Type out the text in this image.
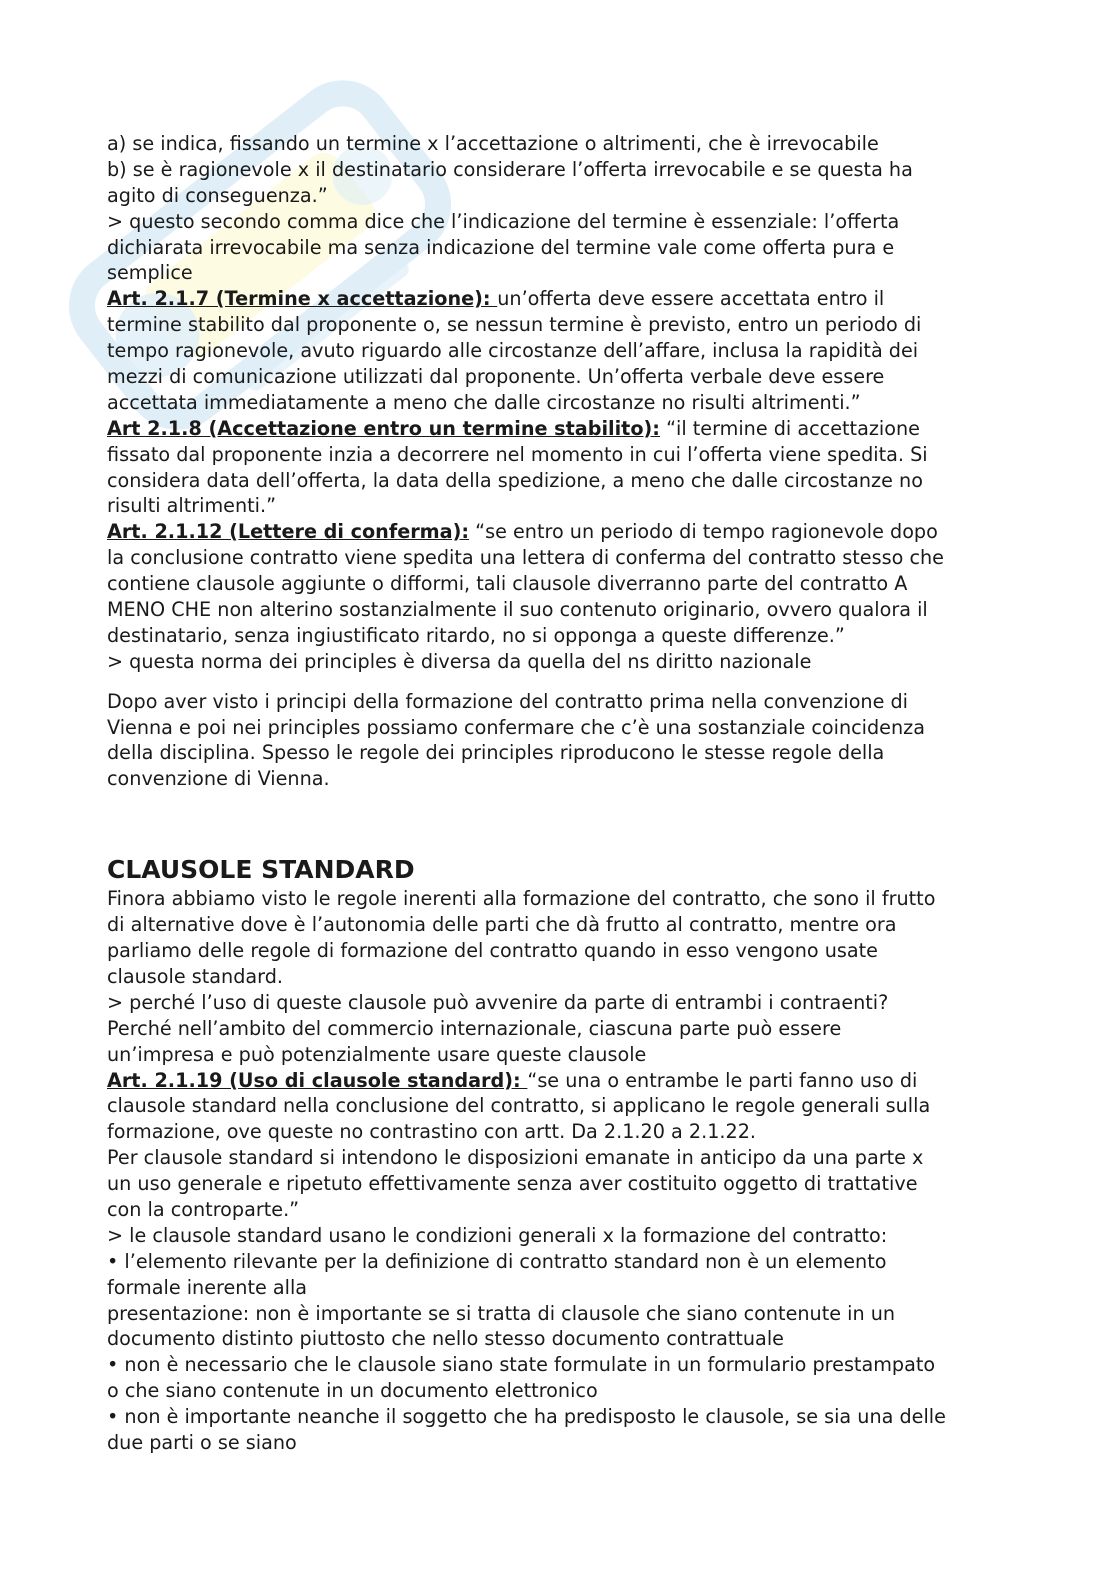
a) se indica, fissando un termine x l’accettazione o altrimenti, che è irrevocabile
b) se è ragionevole x il destinatario considerare l’offerta irrevocabile e se questa ha
agito di conseguenza.”
> questo secondo comma dice che l’indicazione del termine è essenziale: l’offerta
dichiarata irrevocabile ma senza indicazione del termine vale come offerta pura e
semplice
Art. 2.1.7 (Termine x accettazione): un’offerta deve essere accettata entro il
termine stabilito dal proponente o, se nessun termine è previsto, entro un periodo di
tempo ragionevole, avuto riguardo alle circostanze dell’affare, inclusa la rapidità dei
mezzi di comunicazione utilizzati dal proponente. Un’offerta verbale deve essere
accettata immediatamente a meno che dalle circostanze no risulti altrimenti.”
Art 2.1.8 (Accettazione entro un termine stabilito): “il termine di accettazione
fissato dal proponente inzia a decorrere nel momento in cui l’offerta viene spedita. Si
considera data dell’offerta, la data della spedizione, a meno che dalle circostanze no
risulti altrimenti.”
Art. 2.1.12 (Lettere di conferma): “se entro un periodo di tempo ragionevole dopo
la conclusione contratto viene spedita una lettera di conferma del contratto stesso che
contiene clausole aggiunte o difformi, tali clausole diverranno parte del contratto A
MENO CHE non alterino sostanzialmente il suo contenuto originario, ovvero qualora il
destinatario, senza ingiustificato ritardo, no si opponga a queste differenze.”
> questa norma dei principles è diversa da quella del ns diritto nazionale
Dopo aver visto i principi della formazione del contratto prima nella convenzione di
Vienna e poi nei principles possiamo confermare che c’è una sostanziale coincidenza
della disciplina. Spesso le regole dei principles riproducono le stesse regole della
convenzione di Vienna.
CLAUSOLE STANDARD
Finora abbiamo visto le regole inerenti alla formazione del contratto, che sono il frutto
di alternative dove è l’autonomia delle parti che dà frutto al contratto, mentre ora
parliamo delle regole di formazione del contratto quando in esso vengono usate
clausole standard.
> perché l’uso di queste clausole può avvenire da parte di entrambi i contraenti?
Perché nell’ambito del commercio internazionale, ciascuna parte può essere
un’impresa e può potenzialmente usare queste clausole
Art. 2.1.19 (Uso di clausole standard): “se una o entrambe le parti fanno uso di
clausole standard nella conclusione del contratto, si applicano le regole generali sulla
formazione, ove queste no contrastino con artt. Da 2.1.20 a 2.1.22.
Per clausole standard si intendono le disposizioni emanate in anticipo da una parte x
un uso generale e ripetuto effettivamente senza aver costituito oggetto di trattative
con la controparte.”
> le clausole standard usano le condizioni generali x la formazione del contratto:
• l’elemento rilevante per la definizione di contratto standard non è un elemento
formale inerente alla
presentazione: non è importante se si tratta di clausole che siano contenute in un
documento distinto piuttosto che nello stesso documento contrattuale
• non è necessario che le clausole siano state formulate in un formulario prestampato
o che siano contenute in un documento elettronico
• non è importante neanche il soggetto che ha predisposto le clausole, se sia una delle
due parti o se siano
